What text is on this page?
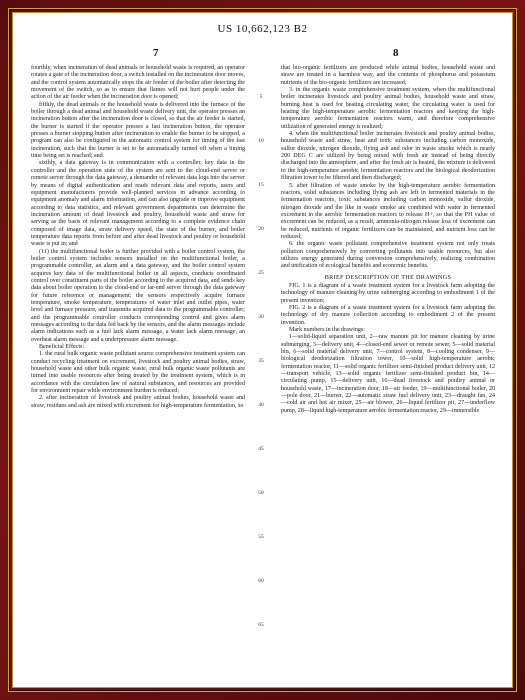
US 10,662,123 B2
7	8

fourthly, when incineration of dead animals or household waste is required, an operator rotates a gate of the incineration door, a switch installed on the incineration door moves, and the control system automatically stops the air feeder of the boiler after detecting the movement of the switch, so as to ensure that flames will not hurt people under the action of the air feeder when the incineration door is opened;

fifthly, the dead animals or the household waste is delivered into the furnace of the boiler through a dead animal and household waste delivery unit, the operator presses an incineration button after the incineration door is closed, so that the air feeder is started, the burner is started if the operator presses a fast incineration button, the operator presses a burner stopping button after incineration to enable the burner to be stopped, a program can also be configured in the automatic control system for timing of the fast incineration, such that the burner is set to be automatically turned off when a timing time being set is reached; and

sixthly, a data gateway is in communication with a controller, key data in the controller and the operation state of the system are sent to the cloud-end server or remote server through the data gateway, a demander of relevant data logs into the server by means of digital authentication and reads relevant data and reports, users and equipment manufacturers provide well-planned services in advance according to equipment anomaly and alarm information, and can also upgrade or improve equipment according to data statistics, and relevant government departments can determine the incineration amount of dead livestock and poultry, household waste and straw for serving as the basis of relevant management according to a complete evidence chain composed of image data, straw delivery speed, the state of the burner, and boiler temperature data reports from before and after dead livestock and poultry or household waste is put in; and

(11) the multifunctional boiler is further provided with a boiler control system, the boiler control system includes sensors installed on the multifunctional boiler, a programmable controller, an alarm and a data gateway, and the boiler control system acquires key data of the multifunctional boiler in all aspects, conducts coordinated control over constituent parts of the boiler according to the acquired data, and sends key data about boiler operation to the cloud-end or far-end server through the data gateway for future reference or management; the sensors respectively acquire furnace temperature, smoke temperature, temperatures of water inlet and outlet pipes, water level and furnace pressure, and transmits acquired data to the programmable controller; and the programmable controller conducts corresponding control and gives alarm messages according to the data fed back by the sensors, and the alarm messages include alarm indications such as a fuel lack alarm message, a water lack alarm message, an overheat alarm message and a underpressure alarm message.

Beneficial Effects:

1. the rural bulk organic waste pollutant source comprehensive treatment system can conduct recycling treatment on excrement, livestock and poultry animal bodies, straw, household waste and other bulk organic waste, rural bulk organic waste pollutants are turned into usable resources after being treated by the treatment system, which is in accordance with the circulation law of natural substances, and resources are provided for environment repair while environment burden is reduced;

2. after incineration of livestock and poultry animal bodies, household waste and straw, residues and ash are mixed with excrement for high-temperature fermentation, so

5
10
15
20
25
30
35
40
45
50
55
60
65

that bio-organic fertilizers are produced while animal bodies, household waste and straw are treated in a harmless way, and the contents of phosphorus and potassium nutrients of the bio-organic fertilizers are increased;

3. in the organic waste comprehensive treatment system, when the multifunctional boiler incinerates livestock and poultry animal bodies, household waste and straw, burning heat is used for heating circulating water, the circulating water is used for heating the high-temperature aerobic fermentation reactors and keeping the high-temperature aerobic fermentation reactors warm, and therefore comprehensive utilization of generated energy is realized;

4. when the multifunctional boiler incinerates livestock and poultry animal bodies, household waste and straw, heat and toxic substances including carbon monoxide, sulfur dioxide, nitrogen dioxide, flying ash and odor in waste smoke which is nearly 200 DEG C are utilized by being mixed with fresh air instead of being directly discharged into the atmosphere, and after the fresh air is heated, the mixture is delivered to the high-temperature aerobic fermentation reactors and the biological deodorization filtration tower to be filtered and then discharged;

5. after filtration of waste smoke by the high-temperature aerobic fermentation reactors, solid substances including flying ash are left in fermented materials in the fermentation reactors, toxic substances including carbon monoxide, sulfur dioxide, nitrogen dioxide and the like in waste smoke are combined with water in fermented excrement in the aerobic fermentation reactors to release H+, so that the PH value of excrement can be reduced, as a result, ammonia-nitrogen release loss of excrement can be reduced, nutrients of organic fertilizers can be maintained, and nutrient loss can be reduced;

6. the organic waste pollutant comprehensive treatment system not only treats pollution comprehensively by converting pollutants into usable resources, but also utilizes energy generated during conversion comprehensively, realizing combination and unification of ecological benefits and economic benefits.

BRIEF DESCRIPTION OF THE DRAWINGS

FIG. 1 is a diagram of a waste treatment system for a livestock farm adopting the technology of manure cleaning by urine submerging according to embodiment 1 of the present invention;

FIG. 2 is a diagram of a waste treatment system for a livestock farm adopting the technology of dry manure collection according to embodiment 2 of the present invention.

Mark numbers in the drawings:

1—solid-liquid separation unit, 2—raw manure pit for manure cleaning by urine submerging, 3—delivery unit, 4—closed-end sewer or remote sewer, 5—solid material bin, 6—solid material delivery unit, 7—control system, 8—cooling condenser, 9—biological deodorization filtration tower, 10—solid high-temperature aerobic fermentation reactor, 11—solid organic fertilizer semi-finished product delivery unit, 12—transport vehicle, 13—solid organic fertilizer semi-finished product bin, 14—circulating pump, 15—delivery unit, 16—dead livestock and poultry animal or household waste, 17—incineration door, 18—air feeder, 19—multifunctional boiler, 20—pole door, 21—burner, 22—automatic straw fuel delivery unit, 23—draught fan, 24—cold air and hot air mixer, 25—air blower, 26—liquid fertilizer pit, 27—underflow pump, 28—liquid high-temperature aerobic fermentation reactor, 29—immersible
